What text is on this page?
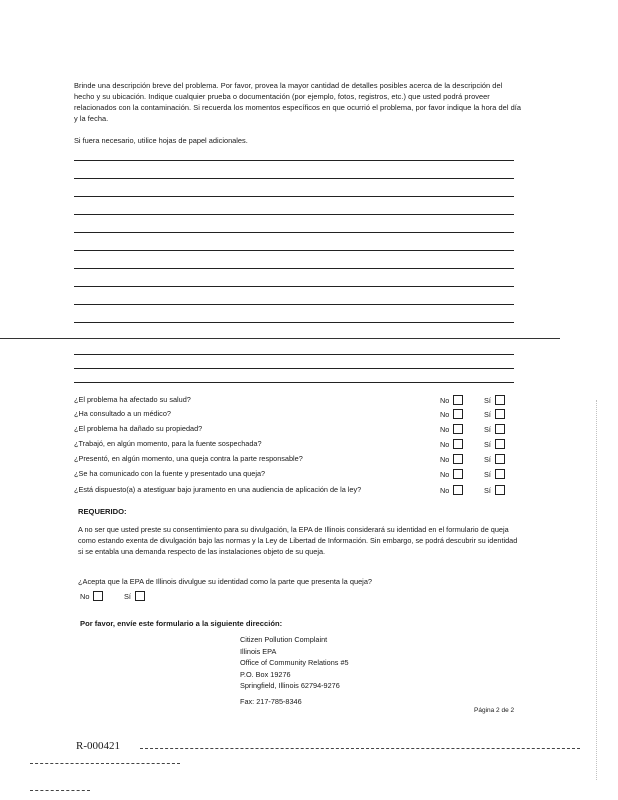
Brinde una descripción breve del problema. Por favor, provea la mayor cantidad de detalles posibles acerca de la descripción del hecho y su ubicación. Indique cualquier prueba o documentación (por ejemplo, fotos, registros, etc.) que usted podrá proveer relacionados con la contaminación. Si recuerda los momentos específicos en que ocurrió el problema, por favor indique la hora del día y la fecha.
Si fuera necesario, utilice hojas de papel adicionales.
¿El problema ha afectado su salud?	No	Sí
¿Ha consultado a un médico?	No	Sí
¿El problema ha dañado su propiedad?	No	Sí
¿Trabajó, en algún momento, para la fuente sospechada?	No	Sí
¿Presentó, en algún momento, una queja contra la parte responsable?	No	Sí
¿Se ha comunicado con la fuente y presentado una queja?	No	Sí
¿Está dispuesto(a) a atestiguar bajo juramento en una audiencia de aplicación de la ley?	No	Sí
REQUERIDO:
A no ser que usted preste su consentimiento para su divulgación, la EPA de Illinois considerará su identidad en el formulario de queja como estando exenta de divulgación bajo las normas y la Ley de Libertad de Información. Sin embargo, se podrá descubrir su identidad si se entabla una demanda respecto de las instalaciones objeto de su queja.
¿Acepta que la EPA de Illinois divulgue su identidad como la parte que presenta la queja?
No	Sí
Por favor, envíe este formulario a la siguiente dirección:
Citizen Pollution Complaint
Illinois EPA
Office of Community Relations #5
P.O. Box 19276
Springfield, Illinois 62794-9276
Fax: 217-785-8346
Página 2 de 2
R-000421
